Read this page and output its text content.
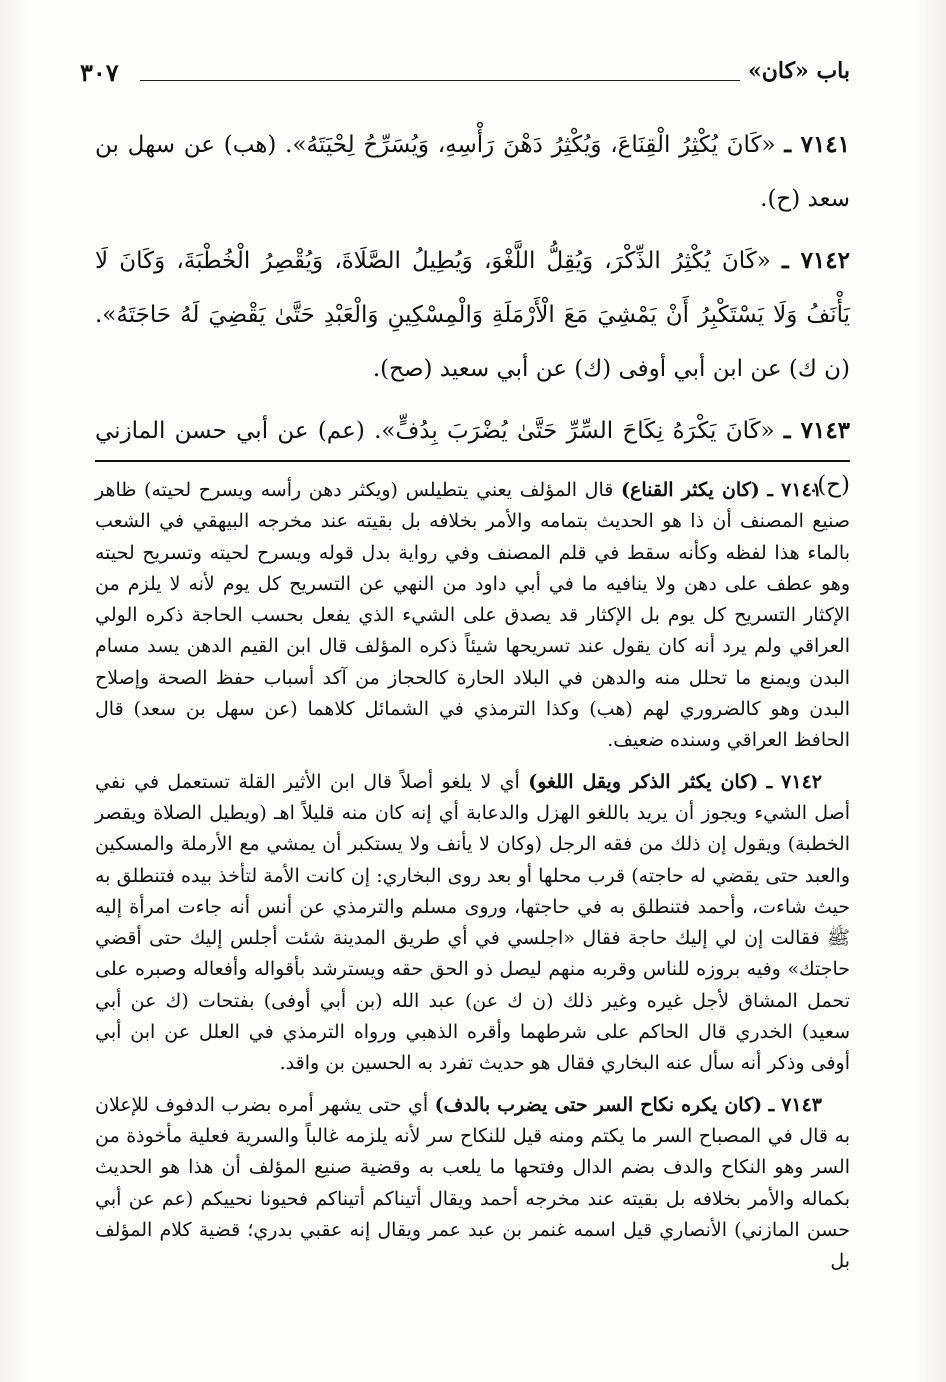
باب «كان»
٣٠٧

٧١٤١ ـ «كَانَ يُكْثِرُ الْقِنَاعَ، وَيُكْثِرُ دَهْنَ رَأْسِهِ، وَيُسَرِّحُ لِحْيَتَهُ». (هب) عن سهل بن سعد (ح).

٧١٤٢ ـ «كَانَ يُكْثِرُ الذِّكْرَ، وَيُقِلُّ اللَّغْوَ، وَيُطِيلُ الصَّلَاةَ، وَيُقْصِرُ الْخُطْبَةَ، وَكَانَ لَا يَأْنَفُ وَلَا يَسْتَكْبِرُ أَنْ يَمْشِيَ مَعَ الْأَرْمَلَةِ وَالْمِسْكِينِ وَالْعَبْدِ حَتَّىٰ يَقْضِيَ لَهُ حَاجَتَهُ». (ن ك) عن ابن أبي أوفى (ك) عن أبي سعيد (صح).

٧١٤٣ ـ «كَانَ يَكْرَهُ نِكَاحَ السِّرِّ حَتَّىٰ يُضْرَبَ بِدُفٍّ». (عم) عن أبي حسن المازني (ح).

٧١٤١ ـ (كان يكثر القناع) قال المؤلف يعني يتطيلس (ويكثر دهن رأسه ويسرح لحيته) ظاهر صنيع المصنف أن ذا هو الحديث بتمامه والأمر بخلافه بل بقيته عند مخرجه البيهقي في الشعب بالماء هذا لفظه وكأنه سقط في قلم المصنف وفي رواية بدل قوله ويسرح لحيته وتسريح لحيته وهو عطف على دهن ولا ينافيه ما في أبي داود من النهي عن التسريح كل يوم لأنه لا يلزم من الإكثار التسريح كل يوم بل الإكثار قد يصدق على الشيء الذي يفعل بحسب الحاجة ذكره الولي العراقي ولم يرد أنه كان يقول عند تسريحها شيئاً ذكره المؤلف قال ابن القيم الدهن يسد مسام البدن ويمنع ما تحلل منه والدهن في البلاد الحارة كالحجاز من آكد أسباب حفظ الصحة وإصلاح البدن وهو كالضروري لهم (هب) وكذا الترمذي في الشمائل كلاهما (عن سهل بن سعد) قال الحافظ العراقي وسنده ضعيف.

٧١٤٢ ـ (كان يكثر الذكر ويقل اللغو) أي لا يلغو أصلاً قال ابن الأثير القلة تستعمل في نفي أصل الشيء ويجوز أن يريد باللغو الهزل والدعابة أي إنه كان منه قليلاً اهـ (ويطيل الصلاة ويقصر الخطبة) ويقول إن ذلك من فقه الرجل (وكان لا يأنف ولا يستكبر أن يمشي مع الأرملة والمسكين والعبد حتى يقضي له حاجته) قرب محلها أو بعد روى البخاري: إن كانت الأمة لتأخذ بيده فتنطلق به حيث شاءت، وأحمد فتنطلق به في حاجتها، وروى مسلم والترمذي عن أنس أنه جاءت امرأة إليه ﷺ فقالت إن لي إليك حاجة فقال «اجلسي في أي طريق المدينة شئت أجلس إليك حتى أقضي حاجتك» وفيه بروزه للناس وقربه منهم ليصل ذو الحق حقه ويسترشد بأقواله وأفعاله وصبره على تحمل المشاق لأجل غيره وغير ذلك (ن ك عن) عبد الله (بن أبي أوفى) بفتحات (ك عن أبي سعيد) الخدري قال الحاكم على شرطهما وأقره الذهبي ورواه الترمذي في العلل عن ابن أبي أوفى وذكر أنه سأل عنه البخاري فقال هو حديث تفرد به الحسين بن واقد.

٧١٤٣ ـ (كان يكره نكاح السر حتى يضرب بالدف) أي حتى يشهر أمره بضرب الدفوف للإعلان به قال في المصباح السر ما يكتم ومنه قيل للنكاح سر لأنه يلزمه غالباً والسرية فعلية مأخوذة من السر وهو النكاح والدف بضم الدال وفتحها ما يلعب به وقضية صنيع المؤلف أن هذا هو الحديث بكماله والأمر بخلافه بل بقيته عند مخرجه أحمد ويقال أتيناكم أتيناكم فحيونا نحييكم (عم عن أبي حسن المازني) الأنصاري قيل اسمه غنمر بن عبد عمر ويقال إنه عقبي بدري؛ قضية كلام المؤلف بل
